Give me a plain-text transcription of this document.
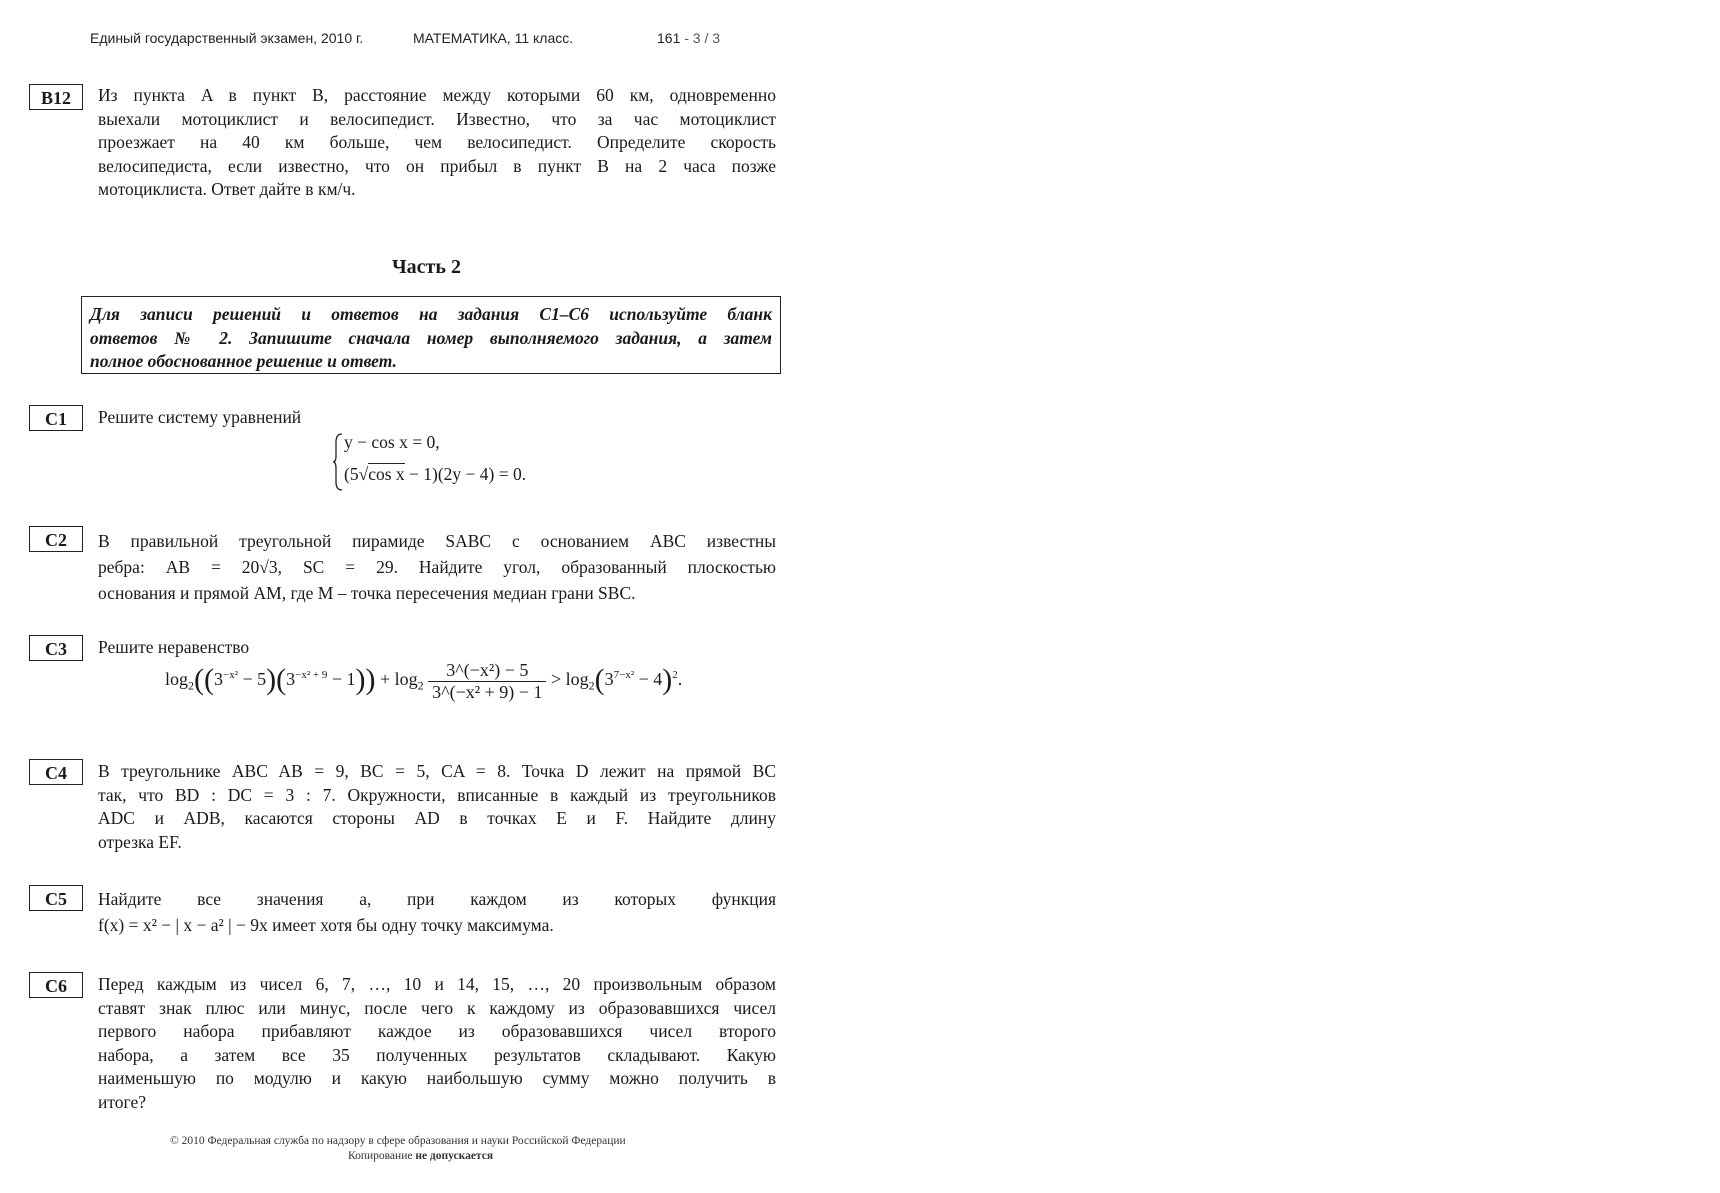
Единый государственный экзамен, 2010 г.	МАТЕМАТИКА, 11 класс.	161 - 3 / 3
B12	Из пункта A в пункт B, расстояние между которыми 60 км, одновременно
выехали мотоциклист и велосипедист. Известно, что за час мотоциклист
проезжает на 40 км больше, чем велосипедист. Определите скорость
велосипедиста, если известно, что он прибыл в пункт B на 2 часа позже
мотоциклиста. Ответ дайте в км/ч.
Часть 2
Для записи решений и ответов на задания С1–С6 используйте бланк
ответов № 2. Запишите сначала номер выполняемого задания, а затем
полное обоснованное решение и ответ.
C1	Решите систему уравнений
y − cos x = 0,
(5√cos x − 1)(2y − 4) = 0.
C2	В правильной треугольной пирамиде SABC с основанием ABC известны
ребра: AB = 20√3, SC = 29. Найдите угол, образованный плоскостью
основания и прямой AM, где M – точка пересечения медиан грани SBC.
C3	Решите неравенство
$\log_2((3^{-x^2} - 5)(3^{-x^2 + 9} - 1)) + \log_2 \frac{\text{3\textasciicircum{}(−x²) − 5}}{\text{3\textasciicircum{}(−x² + 9) − 1}} > \log_2(3^{7-x^2} - 4)^2$.
C4	В треугольнике ABC AB = 9, BC = 5, CA = 8. Точка D лежит на прямой BC
так, что BD : DC = 3 : 7. Окружности, вписанные в каждый из треугольников
ADC и ADB, касаются стороны AD в точках E и F. Найдите длину
отрезка EF.
C5	Найдите все значения a, при каждом из которых функция
f(x) = x² − | x − a² | − 9x имеет хотя бы одну точку максимума.
C6	Перед каждым из чисел 6, 7, …, 10 и 14, 15, …, 20 произвольным образом
ставят знак плюс или минус, после чего к каждому из образовавшихся чисел
первого набора прибавляют каждое из образовавшихся чисел второго
набора, а затем все 35 полученных результатов складывают. Какую
наименьшую по модулю и какую наибольшую сумму можно получить в
итоге?
© 2010 Федеральная служба по надзору в сфере образования и науки Российской Федерации
Копирование не допускается
